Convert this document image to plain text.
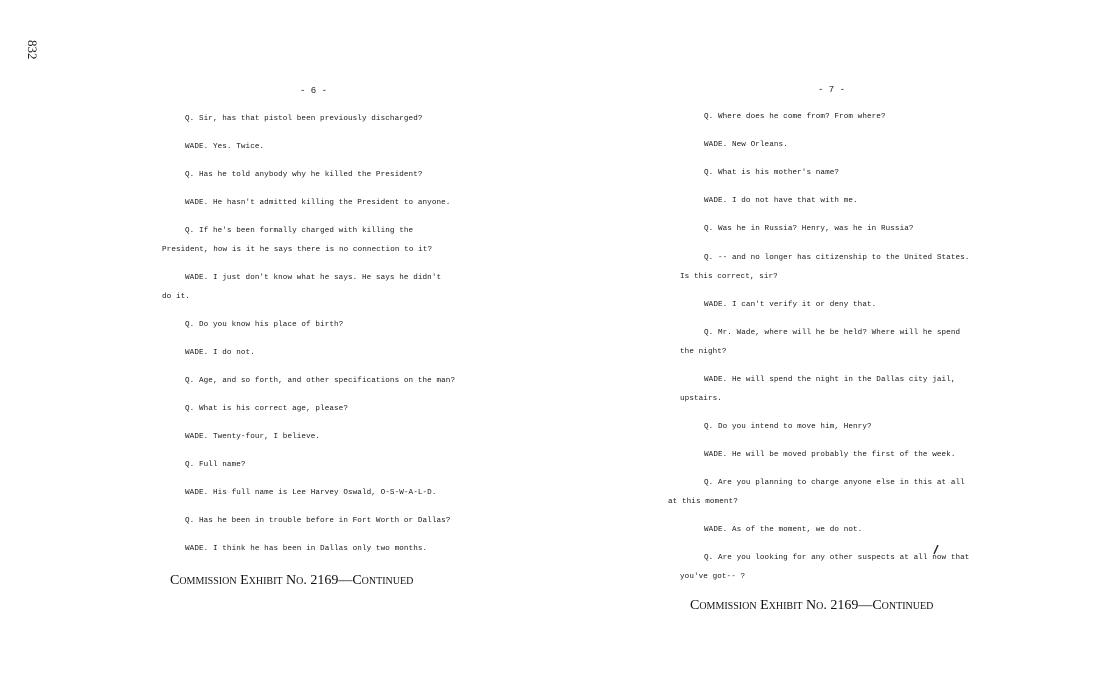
832
- 6 -
Q. Sir, has that pistol been previously discharged?
WADE. Yes. Twice.
Q. Has he told anybody why he killed the President?
WADE. He hasn't admitted killing the President to anyone.
Q. If he's been formally charged with killing the
President, how is it he says there is no connection to it?
WADE. I just don't know what he says. He says he didn't
do it.
Q. Do you know his place of birth?
WADE. I do not.
Q. Age, and so forth, and other specifications on the man?
Q. What is his correct age, please?
WADE. Twenty-four, I believe.
Q. Full name?
WADE. His full name is Lee Harvey Oswald, O-S-W-A-L-D.
Q. Has he been in trouble before in Fort Worth or Dallas?
WADE. I think he has been in Dallas only two months.
Commission Exhibit No. 2169—Continued
- 7 -
Q. Where does he come from? From where?
WADE. New Orleans.
Q. What is his mother's name?
WADE. I do not have that with me.
Q. Was he in Russia? Henry, was he in Russia?
Q. -- and no longer has citizenship to the United States.
Is this correct, sir?
WADE. I can't verify it or deny that.
Q. Mr. Wade, where will he be held? Where will he spend
the night?
WADE. He will spend the night in the Dallas city jail,
upstairs.
Q. Do you intend to move him, Henry?
WADE. He will be moved probably the first of the week.
Q. Are you planning to charge anyone else in this at all
at this moment?
WADE. As of the moment, we do not.
Q. Are you looking for any other suspects at all now that
you've got-- ?
Commission Exhibit No. 2169—Continued
